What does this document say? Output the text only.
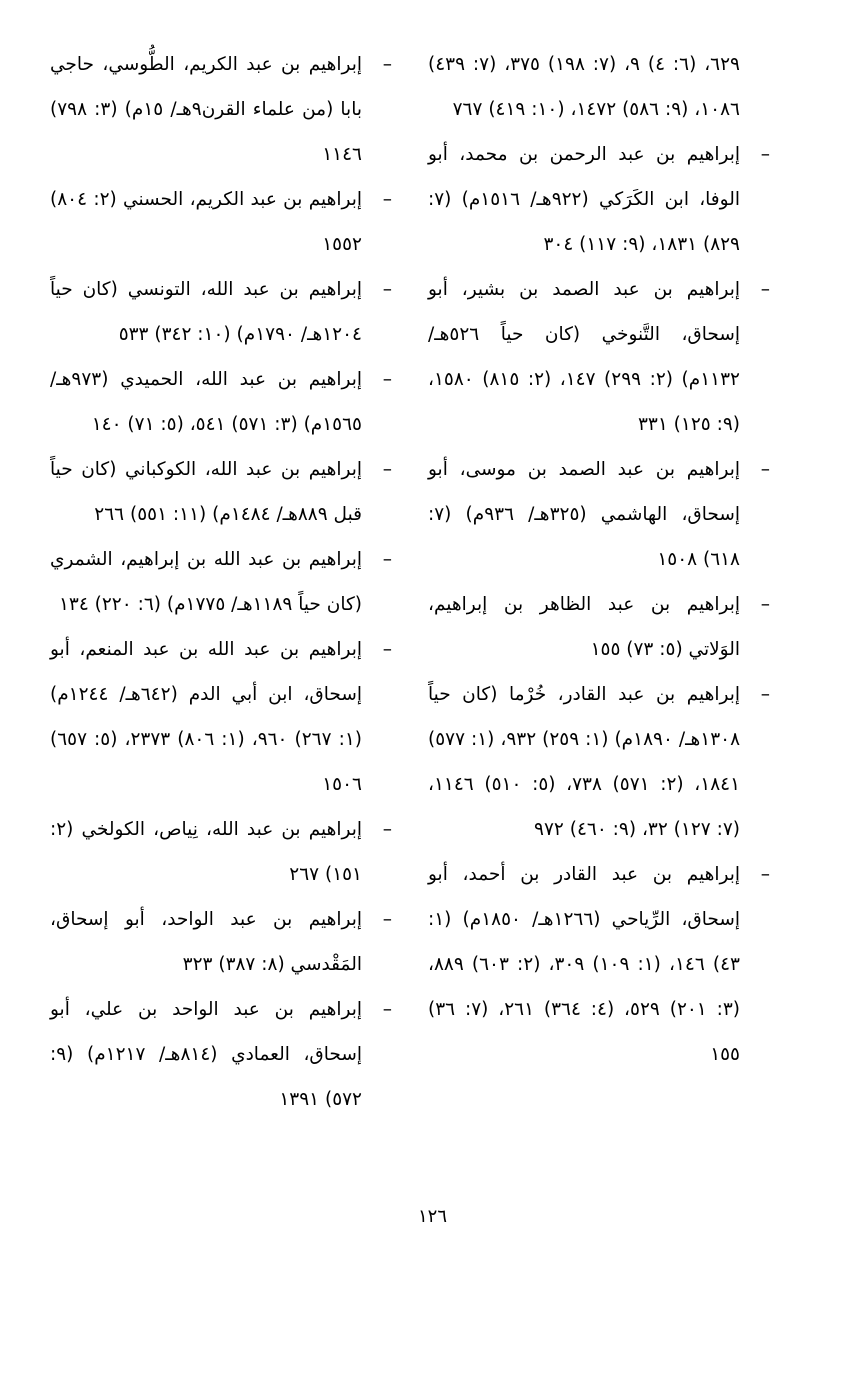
٦٢٩، (٦: ٤) ٩، (٧: ١٩٨) ٣٧٥، (٧: ٤٣٩) ١٠٨٦، (٩: ٥٨٦) ١٤٧٢، (١٠: ٤١٩) ٧٦٧
–
إبراهيم بن عبد الرحمن بن محمد، أبو الوفا، ابن الكَرَكي (٩٢٢هـ/ ١٥١٦م) (٧: ٨٢٩) ١٨٣١، (٩: ١١٧) ٣٠٤
–
إبراهيم بن عبد الصمد بن بشير، أبو إسحاق، التَّنوخي (كان حياً ٥٢٦هـ/ ١١٣٢م) (٢: ٢٩٩) ١٤٧، (٢: ٨١٥) ١٥٨٠، (٩: ١٢٥) ٣٣١
–
إبراهيم بن عبد الصمد بن موسى، أبو إسحاق، الهاشمي (٣٢٥هـ/ ٩٣٦م) (٧: ٦١٨) ١٥٠٨
–
إبراهيم بن عبد الظاهر بن إبراهيم، الوَلاتي (٥: ٧٣) ١٥٥
–
إبراهيم بن عبد القادر، خُرْما (كان حياً ١٣٠٨هـ/ ١٨٩٠م) (١: ٢٥٩) ٩٣٢، (١: ٥٧٧) ١٨٤١، (٢: ٥٧١) ٧٣٨، (٥: ٥١٠) ١١٤٦، (٧: ١٢٧) ٣٢، (٩: ٤٦٠) ٩٧٢
–
إبراهيم بن عبد القادر بن أحمد، أبو إسحاق، الرِّياحي (١٢٦٦هـ/ ١٨٥٠م) (١: ٤٣) ١٤٦، (١: ١٠٩) ٣٠٩، (٢: ٦٠٣) ٨٨٩، (٣: ٢٠١) ٥٢٩، (٤: ٣٦٤) ٢٦١، (٧: ٣٦) ١٥٥
–
إبراهيم بن عبد الكريم، الطُّوسي، حاجي بابا (من علماء القرن٩هـ/ ١٥م) (٣: ٧٩٨) ١١٤٦
–
إبراهيم بن عبد الكريم، الحسني (٢: ٨٠٤) ١٥٥٢
–
إبراهيم بن عبد الله، التونسي (كان حياً ١٢٠٤هـ/ ١٧٩٠م) (١٠: ٣٤٢) ٥٣٣
–
إبراهيم بن عبد الله، الحميدي (٩٧٣هـ/ ١٥٦٥م) (٣: ٥٧١) ٥٤١، (٥: ٧١) ١٤٠
–
إبراهيم بن عبد الله، الكوكباني (كان حياً قبل ٨٨٩هـ/ ١٤٨٤م) (١١: ٥٥١) ٢٦٦
–
إبراهيم بن عبد الله بن إبراهيم، الشمري (كان حياً ١١٨٩هـ/ ١٧٧٥م) (٦: ٢٢٠) ١٣٤
–
إبراهيم بن عبد الله بن عبد المنعم، أبو إسحاق، ابن أبي الدم (٦٤٢هـ/ ١٢٤٤م) (١: ٢٦٧) ٩٦٠، (١: ٨٠٦) ٢٣٧٣، (٥: ٦٥٧) ١٥٠٦
–
إبراهيم بن عبد الله، نِياص، الكولخي (٢: ١٥١) ٢٦٧
–
إبراهيم بن عبد الواحد، أبو إسحاق، المَقْدسي (٨: ٣٨٧) ٣٢٣
–
إبراهيم بن عبد الواحد بن علي، أبو إسحاق، العمادي (٨١٤هـ/ ١٢١٧م) (٩: ٥٧٢) ١٣٩١
١٢٦
